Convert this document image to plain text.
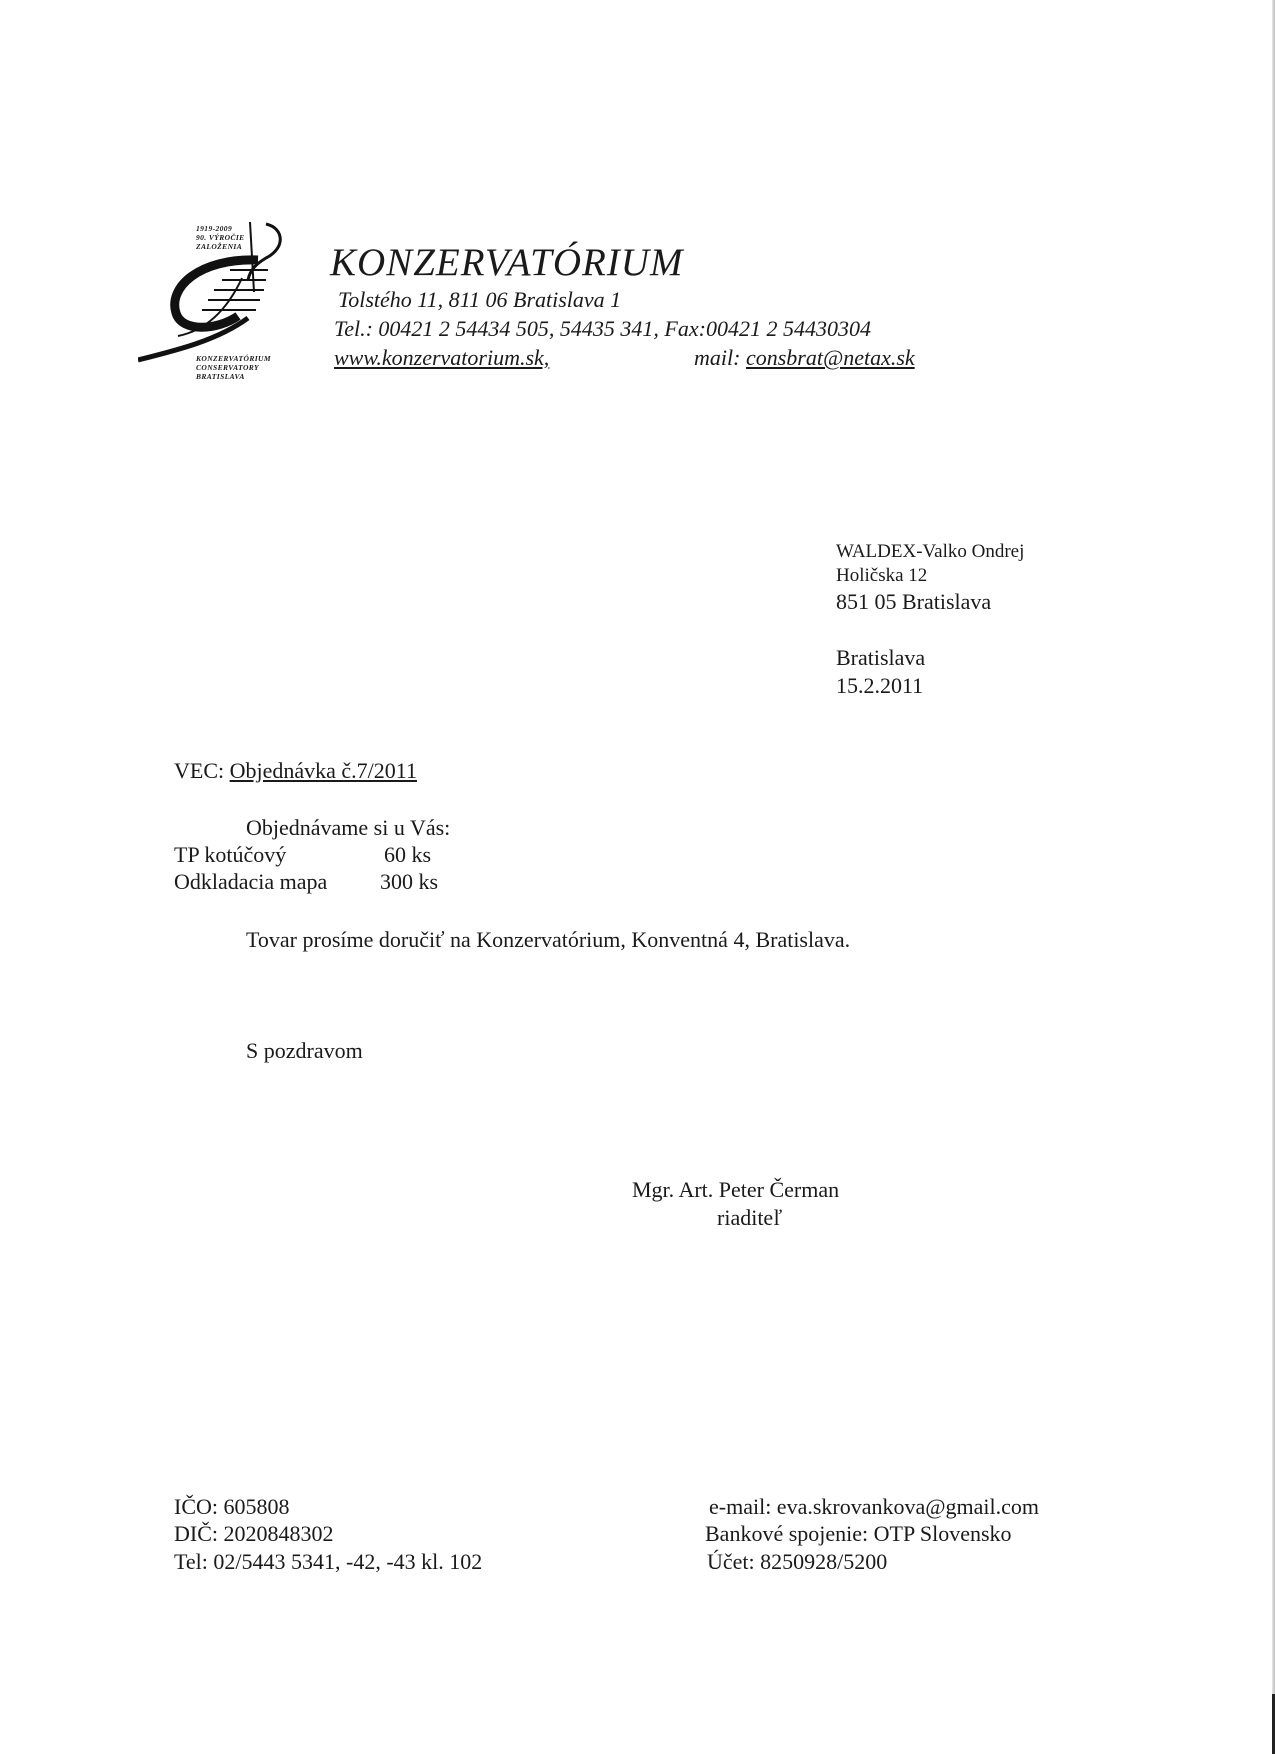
1919-2009
90. VÝROČIE
ZALOŽENIA
KONZERVATÓRIUM
CONSERVATORY
BRATISLAVA
KONZERVATÓRIUM
Tolstého 11, 811 06 Bratislava 1
Tel.: 00421 2 54434 505, 54435 341, Fax:00421 2 54430304
www.konzervatorium.sk,	mail: consbrat@netax.sk
WALDEX-Valko Ondrej
Holičska 12
851 05 Bratislava
Bratislava
15.2.2011
VEC: Objednávka č.7/2011
Objednávame si u Vás:
TP kotúčový	60 ks
Odkladacia mapa 300 ks
Tovar prosíme doručiť na Konzervatórium, Konventná 4, Bratislava.
S pozdravom
Mgr. Art. Peter Čerman
riaditeľ
IČO: 605808
DIČ: 2020848302
Tel: 02/5443 5341, -42, -43 kl. 102
e-mail: eva.skrovankova@gmail.com
Bankové spojenie: OTP Slovensko
Účet: 8250928/5200
